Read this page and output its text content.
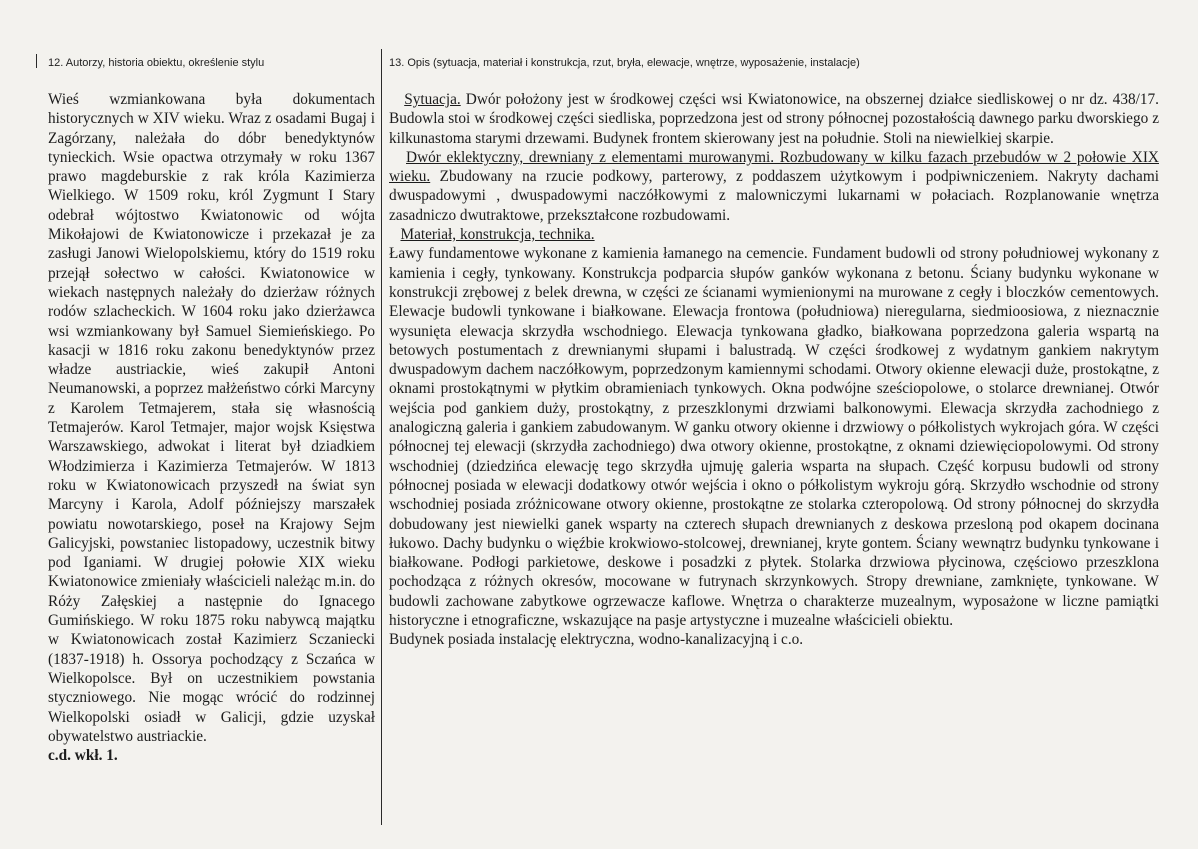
12. Autorzy, historia obiektu, określenie stylu	13. Opis (sytuacja, materiał i konstrukcja, rzut, bryła, elewacje, wnętrze, wyposażenie, instalacje)
Wieś wzmiankowana była dokumentach historycznych w XIV wieku. Wraz z osadami Bugaj i Zagórzany, należała do dóbr benedyktynów tynieckich. Wsie opactwa otrzymały w roku 1367 prawo magdeburskie z rak króla Kazimierza Wielkiego. W 1509 roku, król Zygmunt I Stary odebrał wójtostwo Kwiatonowic od wójta Mikołajowi de Kwiatonowicze i przekazał je za zasługi Janowi Wielopolskiemu, który do 1519 roku przejął sołectwo w całości. Kwiatonowice w wiekach następnych należały do dzierżaw różnych rodów szlacheckich. W 1604 roku jako dzierżawca wsi wzmiankowany był Samuel Siemieńskiego. Po kasacji w 1816 roku zakonu benedyktynów przez władze austriackie, wieś zakupił Antoni Neumanowski, a poprzez małżeństwo córki Marcyny z Karolem Tetmajerem, stała się własnością Tetmajerów. Karol Tetmajer, major wojsk Księstwa Warszawskiego, adwokat i literat był dziadkiem Włodzimierza i Kazimierza Tetmajerów. W 1813 roku w Kwiatonowicach przyszedł na świat syn Marcyny i Karola, Adolf późniejszy marszałek powiatu nowotarskiego, poseł na Krajowy Sejm Galicyjski, powstaniec listopadowy, uczestnik bitwy pod Iganiami. W drugiej połowie XIX wieku Kwiatonowice zmieniały właścicieli należąc m.in. do Róży Załęskiej a następnie do Ignacego Gumińskiego. W roku 1875 roku nabywcą majątku w Kwiatonowicach został Kazimierz Sczaniecki (1837-1918) h. Ossorya pochodzący z Sczańca w Wielkopolsce. Był on uczestnikiem powstania styczniowego. Nie mogąc wrócić do rodzinnej Wielkopolski osiadł w Galicji, gdzie uzyskał obywatelstwo austriackie.
c.d. wkł. 1.

Sytuacja. Dwór położony jest w środkowej części wsi Kwiatonowice, na obszernej działce siedliskowej o nr dz. 438/17. Budowla stoi w środkowej części siedliska, poprzedzona jest od strony północnej pozostałością dawnego parku dworskiego z kilkunastoma starymi drzewami. Budynek frontem skierowany jest na południe. Stoli na niewielkiej skarpie.

Dwór eklektyczny, drewniany z elementami murowanymi. Rozbudowany w kilku fazach przebudów w 2 połowie XIX wieku. Zbudowany na rzucie podkowy, parterowy, z poddaszem użytkowym i podpiwniczeniem. Nakryty dachami dwuspadowymi , dwuspadowymi naczółkowymi z malowniczymi lukarnami w połaciach. Rozplanowanie wnętrza zasadniczo dwutraktowe, przekształcone rozbudowami.

Materiał, konstrukcja, technika.

Ławy fundamentowe wykonane z kamienia łamanego na cemencie. Fundament budowli od strony południowej wykonany z kamienia i cegły, tynkowany. Konstrukcja podparcia słupów ganków wykonana z betonu. Ściany budynku wykonane w konstrukcji zrębowej z belek drewna, w części ze ścianami wymienionymi na murowane z cegły i bloczków cementowych. Elewacje budowli tynkowane i białkowane. Elewacja frontowa (południowa) nieregularna, siedmioosiowa, z nieznacznie wysunięta elewacja skrzydła wschodniego. Elewacja tynkowana gładko, białkowana poprzedzona galeria wspartą na betowych postumentach z drewnianymi słupami i balustradą. W części środkowej z wydatnym gankiem nakrytym dwuspadowym dachem naczółkowym, poprzedzonym kamiennymi schodami. Otwory okienne elewacji duże, prostokątne, z oknami prostokątnymi w płytkim obramieniach tynkowych. Okna podwójne sześciopolowe, o stolarce drewnianej. Otwór wejścia pod gankiem duży, prostokątny, z przeszklonymi drzwiami balkonowymi. Elewacja skrzydła zachodniego z analogiczną galeria i gankiem zabudowanym. W ganku otwory okienne i drzwiowy o półkolistych wykrojach góra. W części północnej tej elewacji (skrzydła zachodniego) dwa otwory okienne, prostokątne, z oknami dziewięciopolowymi. Od strony wschodniej (dziedzińca elewację tego skrzydła ujmuję galeria wsparta na słupach. Część korpusu budowli od strony północnej posiada w elewacji dodatkowy otwór wejścia i okno o półkolistym wykroju górą. Skrzydło wschodnie od strony wschodniej posiada zróżnicowane otwory okienne, prostokątne ze stolarka czteropolową. Od strony północnej do skrzydła dobudowany jest niewielki ganek wsparty na czterech słupach drewnianych z deskowa przesloną pod okapem docinana łukowo. Dachy budynku o więźbie krokwiowo-stolcowej, drewnianej, kryte gontem. Ściany wewnątrz budynku tynkowane i białkowane. Podłogi parkietowe, deskowe i posadzki z płytek. Stolarka drzwiowa płycinowa, częściowo przeszklona pochodząca z różnych okresów, mocowane w futrynach skrzynkowych. Stropy drewniane, zamknięte, tynkowane. W budowli zachowane zabytkowe ogrzewacze kaflowe. Wnętrza o charakterze muzealnym, wyposażone w liczne pamiątki historyczne i etnograficzne, wskazujące na pasje artystyczne i muzealne właścicieli obiektu.

Budynek posiada instalację elektryczna, wodno-kanalizacyjną i c.o.
